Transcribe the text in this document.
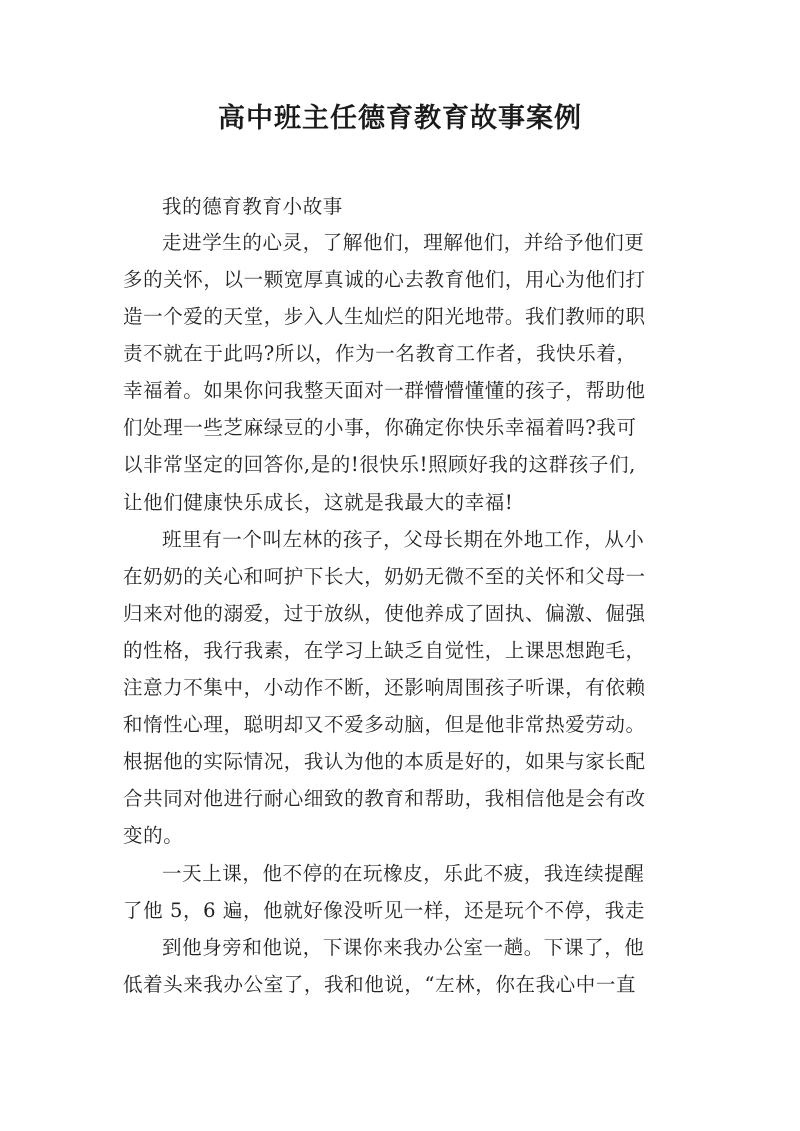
高中班主任德育教育故事案例
我的德育教育小故事
走进学生的心灵，了解他们，理解他们，并给予他们更
多的关怀，以一颗宽厚真诚的心去教育他们，用心为他们打
造一个爱的天堂，步入人生灿烂的阳光地带。我们教师的职
责不就在于此吗?所以，作为一名教育工作者，我快乐着，
幸福着。如果你问我整天面对一群懵懵懂懂的孩子，帮助他
们处理一些芝麻绿豆的小事，你确定你快乐幸福着吗?我可
以非常坚定的回答你,是的!很快乐!照顾好我的这群孩子们,
让他们健康快乐成长，这就是我最大的幸福!
班里有一个叫左林的孩子，父母长期在外地工作，从小
在奶奶的关心和呵护下长大，奶奶无微不至的关怀和父母一
归来对他的溺爱，过于放纵，使他养成了固执、偏激、倔强
的性格，我行我素，在学习上缺乏自觉性，上课思想跑毛，
注意力不集中，小动作不断，还影响周围孩子听课，有依赖
和惰性心理，聪明却又不爱多动脑，但是他非常热爱劳动。
根据他的实际情况，我认为他的本质是好的，如果与家长配
合共同对他进行耐心细致的教育和帮助，我相信他是会有改
变的。
一天上课，他不停的在玩橡皮，乐此不疲，我连续提醒
了他 5，6 遍，他就好像没听见一样，还是玩个不停，我走
到他身旁和他说，下课你来我办公室一趟。下课了，他
低着头来我办公室了，我和他说，“左林，你在我心中一直
